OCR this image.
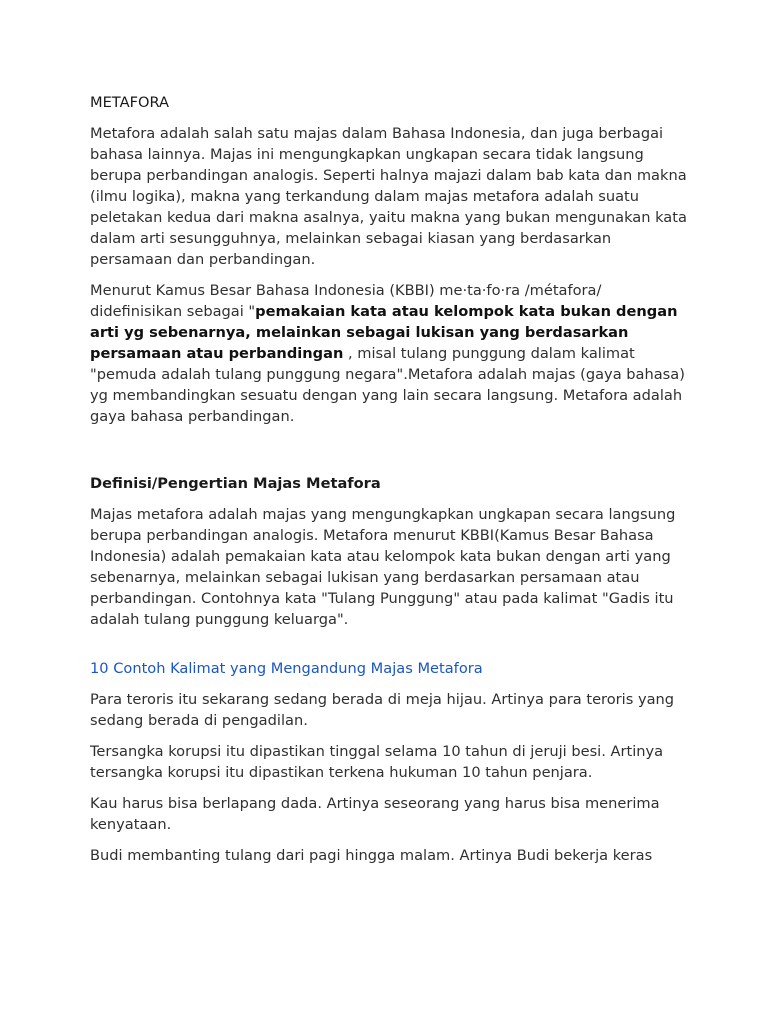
METAFORA

Metafora adalah salah satu majas dalam Bahasa Indonesia, dan juga berbagai bahasa lainnya. Majas ini mengungkapkan ungkapan secara tidak langsung berupa perbandingan analogis. Seperti halnya majazi dalam bab kata dan makna (ilmu logika), makna yang terkandung dalam majas metafora adalah suatu peletakan kedua dari makna asalnya, yaitu makna yang bukan mengunakan kata dalam arti sesungguhnya, melainkan sebagai kiasan yang berdasarkan persamaan dan perbandingan.

Menurut Kamus Besar Bahasa Indonesia (KBBI) me·ta·fo·ra /métafora/ didefinisikan sebagai "pemakaian kata atau kelompok kata bukan dengan arti yg sebenarnya, melainkan sebagai lukisan yang berdasarkan persamaan atau perbandingan , misal tulang punggung dalam kalimat "pemuda adalah tulang punggung negara".Metafora adalah majas (gaya bahasa) yg membandingkan sesuatu dengan yang lain secara langsung. Metafora adalah gaya bahasa perbandingan.

Definisi/Pengertian Majas Metafora

Majas metafora adalah majas yang mengungkapkan ungkapan secara langsung berupa perbandingan analogis. Metafora menurut KBBI(Kamus Besar Bahasa Indonesia) adalah pemakaian kata atau kelompok kata bukan dengan arti yang sebenarnya, melainkan sebagai lukisan yang berdasarkan persamaan atau perbandingan. Contohnya kata "Tulang Punggung" atau pada kalimat "Gadis itu adalah tulang punggung keluarga".

10 Contoh Kalimat yang Mengandung Majas Metafora

Para teroris itu sekarang sedang berada di meja hijau. Artinya para teroris yang sedang berada di pengadilan.

Tersangka korupsi itu dipastikan tinggal selama 10 tahun di jeruji besi. Artinya tersangka korupsi itu dipastikan terkena hukuman 10 tahun penjara.

Kau harus bisa berlapang dada. Artinya seseorang yang harus bisa menerima kenyataan.

Budi membanting tulang dari pagi hingga malam. Artinya Budi bekerja keras
